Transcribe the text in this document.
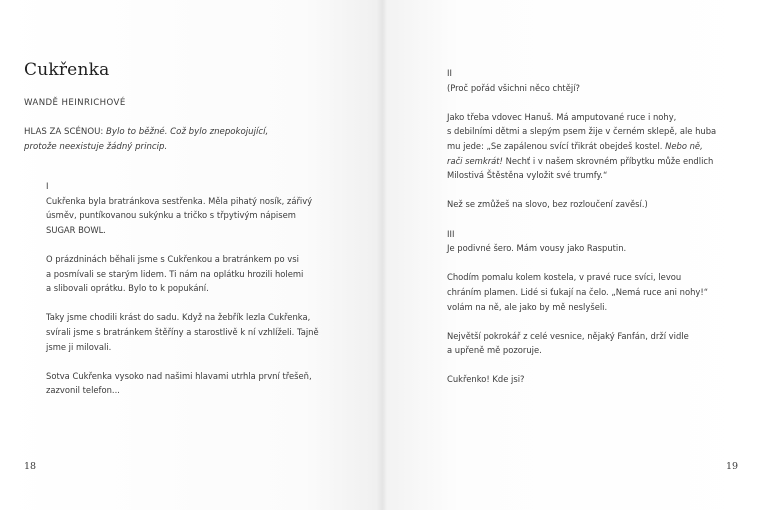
Cukřenka
WANDĚ HEINRICHOVÉ
HLAS ZA SCÉNOU: Bylo to běžné. Což bylo znepokojující,
protože neexistuje žádný princip.
I

Cukřenka byla bratránkova sestřenka. Měla pihatý nosík, zářivý
úsměv, puntíkovanou sukýnku a tričko s třpytivým nápisem
SUGAR BOWL.

O prázdninách běhali jsme s Cukřenkou a bratránkem po vsi
a posmívali se starým lidem. Ti nám na oplátku hrozili holemi
a slibovali oprátku. Bylo to k popukání.

Taky jsme chodili krást do sadu. Když na žebřík lezla Cukřenka,
svírali jsme s bratránkem štěříny a starostlivě k ní vzhlíželi. Tajně
jsme ji milovali.

Sotva Cukřenka vysoko nad našimi hlavami utrhla první třešeň,
zazvonil telefon...

18
II

(Proč pořád všichni něco chtějí?

Jako třeba vdovec Hanuš. Má amputované ruce i nohy,
s debilními dětmi a slepým psem žije v černém sklepě, ale huba
mu jede: „Se zapálenou svící třikrát obejdeš kostel. Nebo ně,
rači semkrát! Nechť i v našem skrovném příbytku může endlich
Milostivá Štěstěna vyložit své trumfy.“

Než se zmůžeš na slovo, bez rozloučení zavěsí.)

III

Je podivné šero. Mám vousy jako Rasputin.

Chodím pomalu kolem kostela, v pravé ruce svíci, levou
chráním plamen. Lidé si ťukají na čelo. „Nemá ruce ani nohy!“
volám na ně, ale jako by mě neslyšeli.

Největší pokrokář z celé vesnice, nějaký Fanfán, drží vidle
a upřeně mě pozoruje.

Cukřenko! Kde jsi?

19
